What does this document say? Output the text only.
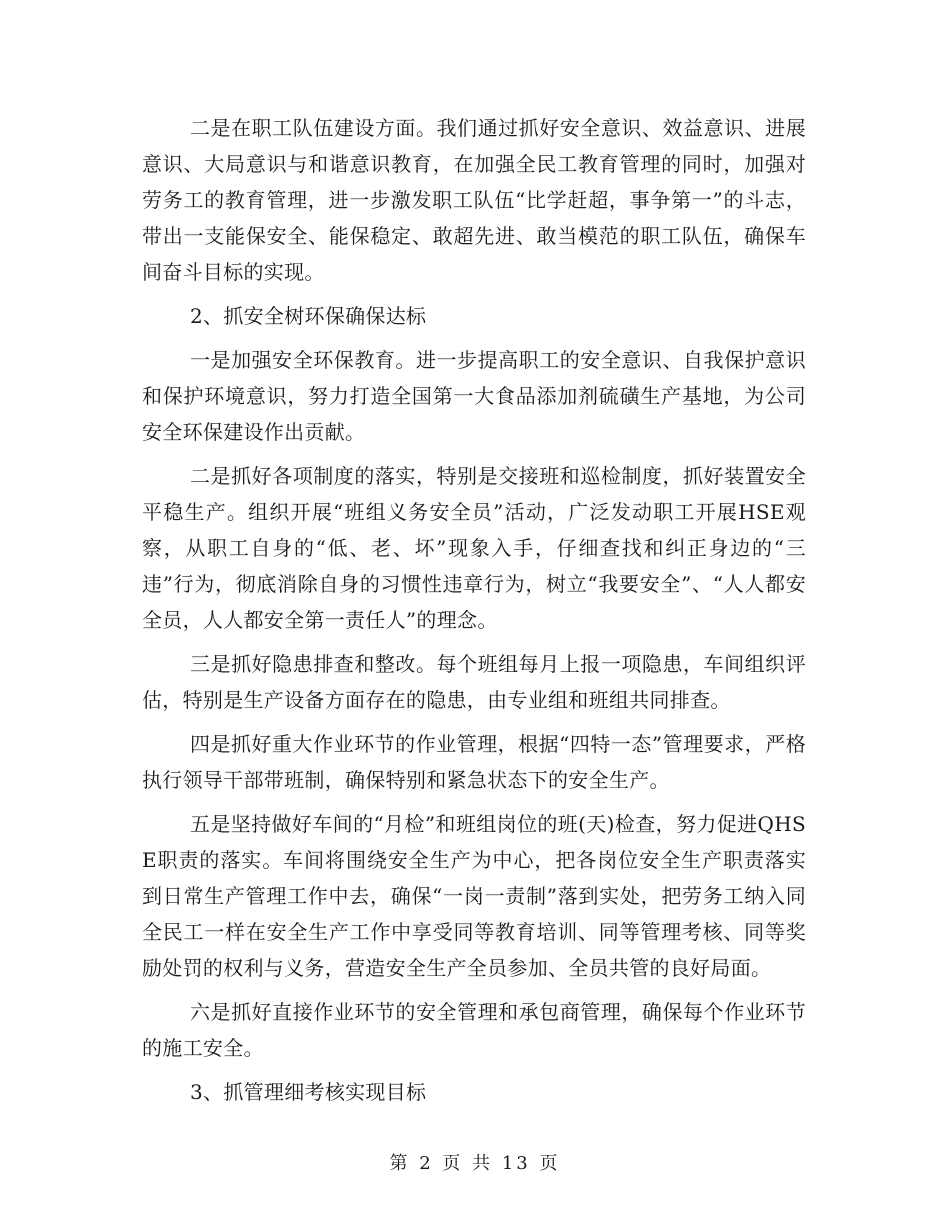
二是在职工队伍建设方面。我们通过抓好安全意识、效益意识、进展意识、大局意识与和谐意识教育，在加强全民工教育管理的同时，加强对劳务工的教育管理，进一步激发职工队伍“比学赶超，事争第一”的斗志，带出一支能保安全、能保稳定、敢超先进、敢当模范的职工队伍，确保车间奋斗目标的实现。

2、抓安全树环保确保达标

一是加强安全环保教育。进一步提高职工的安全意识、自我保护意识和保护环境意识，努力打造全国第一大食品添加剂硫磺生产基地，为公司安全环保建设作出贡献。

二是抓好各项制度的落实，特别是交接班和巡检制度，抓好装置安全平稳生产。组织开展“班组义务安全员”活动，广泛发动职工开展HSE观察，从职工自身的“低、老、坏”现象入手，仔细查找和纠正身边的“三违”行为，彻底消除自身的习惯性违章行为，树立“我要安全”、“人人都安全员，人人都安全第一责任人”的理念。

三是抓好隐患排查和整改。每个班组每月上报一项隐患，车间组织评估，特别是生产设备方面存在的隐患，由专业组和班组共同排查。

四是抓好重大作业环节的作业管理，根据“四特一态”管理要求，严格执行领导干部带班制，确保特别和紧急状态下的安全生产。

五是坚持做好车间的“月检”和班组岗位的班(天)检查，努力促进QHSE职责的落实。车间将围绕安全生产为中心，把各岗位安全生产职责落实到日常生产管理工作中去，确保“一岗一责制”落到实处，把劳务工纳入同全民工一样在安全生产工作中享受同等教育培训、同等管理考核、同等奖励处罚的权利与义务，营造安全生产全员参加、全员共管的良好局面。

六是抓好直接作业环节的安全管理和承包商管理，确保每个作业环节的施工安全。

3、抓管理细考核实现目标

第 2 页 共 13 页
